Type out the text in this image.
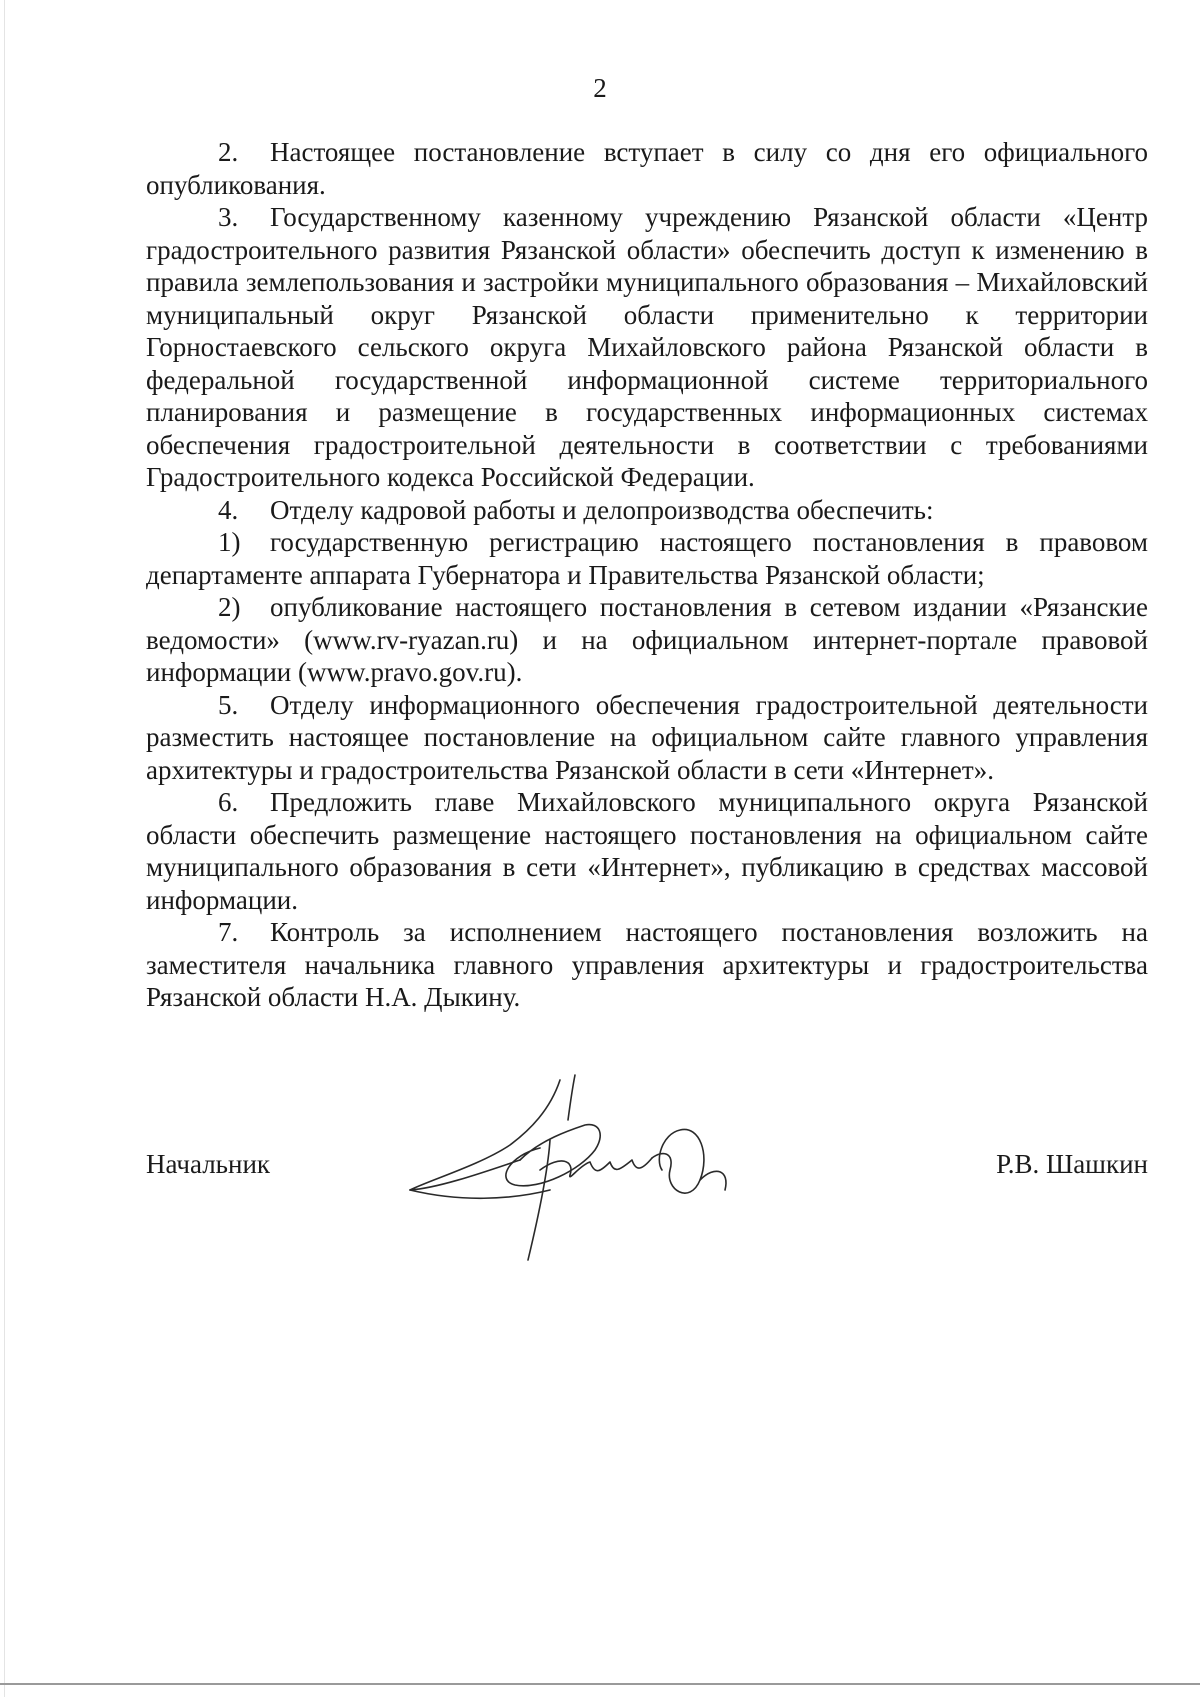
2

2. Настоящее постановление вступает в силу со дня его официального опубликования.

3. Государственному казенному учреждению Рязанской области «Центр градостроительного развития Рязанской области» обеспечить доступ к изменению в правила землепользования и застройки муниципального образования – Михайловский муниципальный округ Рязанской области применительно к территории Горностаевского сельского округа Михайловского района Рязанской области в федеральной государственной информационной системе территориального планирования и размещение в государственных информационных системах обеспечения градостроительной деятельности в соответствии с требованиями Градостроительного кодекса Российской Федерации.

4. Отделу кадровой работы и делопроизводства обеспечить:

1) государственную регистрацию настоящего постановления в правовом департаменте аппарата Губернатора и Правительства Рязанской области;

2) опубликование настоящего постановления в сетевом издании «Рязанские ведомости» (www.rv-ryazan.ru) и на официальном интернет-портале правовой информации (www.pravo.gov.ru).

5. Отделу информационного обеспечения градостроительной деятельности разместить настоящее постановление на официальном сайте главного управления архитектуры и градостроительства Рязанской области в сети «Интернет».

6. Предложить главе Михайловского муниципального округа Рязанской области обеспечить размещение настоящего постановления на официальном сайте муниципального образования в сети «Интернет», публикацию в средствах массовой информации.

7. Контроль за исполнением настоящего постановления возложить на заместителя начальника главного управления архитектуры и градостроительства Рязанской области Н.А. Дыкину.

Начальник	Р.В. Шашкин
